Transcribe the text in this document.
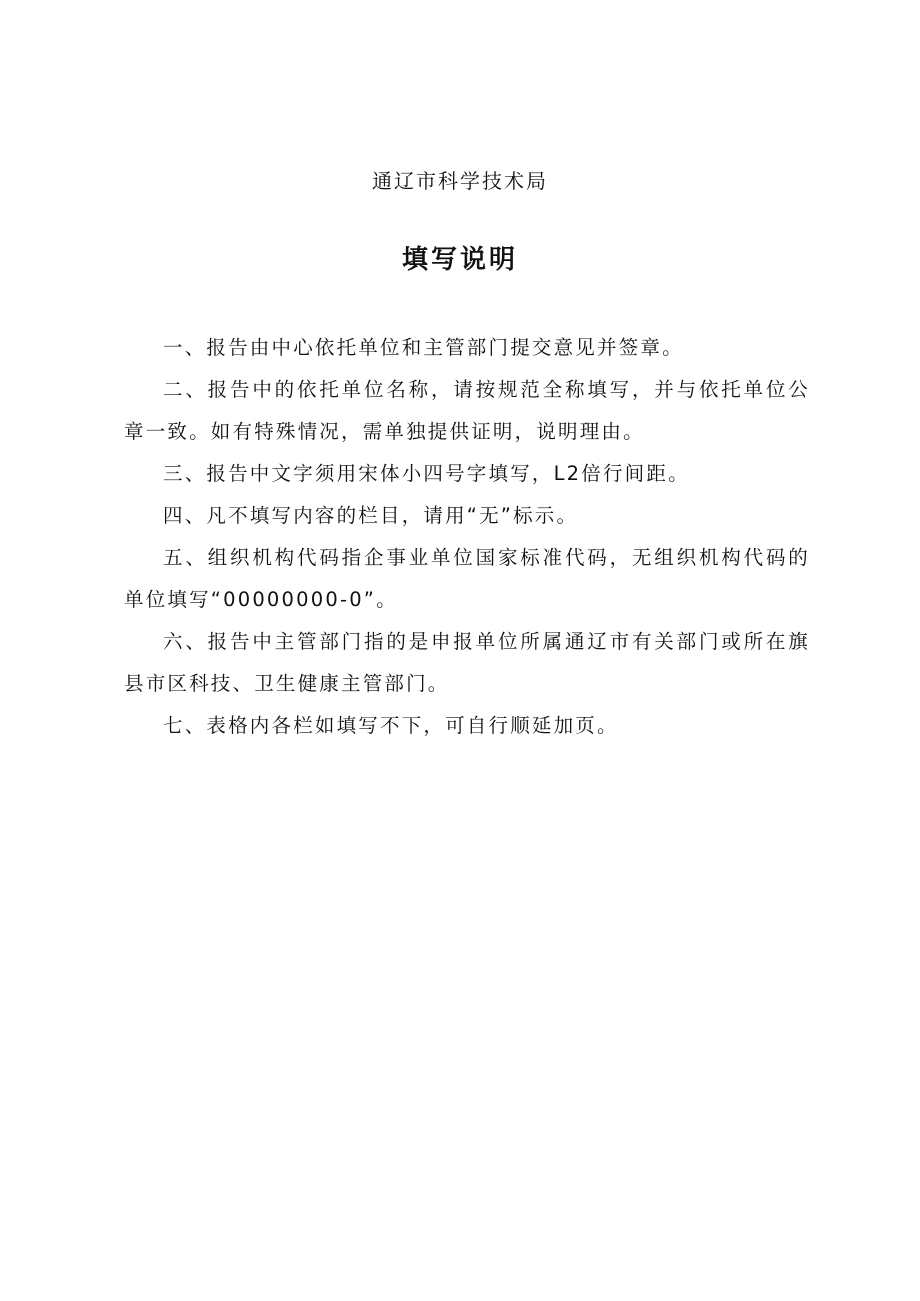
通辽市科学技术局
填写说明
一、报告由中心依托单位和主管部门提交意见并签章。
二、报告中的依托单位名称，请按规范全称填写，并与依托单位公章一致。如有特殊情况，需单独提供证明，说明理由。
三、报告中文字须用宋体小四号字填写，L2倍行间距。
四、凡不填写内容的栏目，请用“无”标示。
五、组织机构代码指企事业单位国家标准代码，无组织机构代码的单位填写“00000000-0”。
六、报告中主管部门指的是申报单位所属通辽市有关部门或所在旗县市区科技、卫生健康主管部门。
七、表格内各栏如填写不下，可自行顺延加页。
